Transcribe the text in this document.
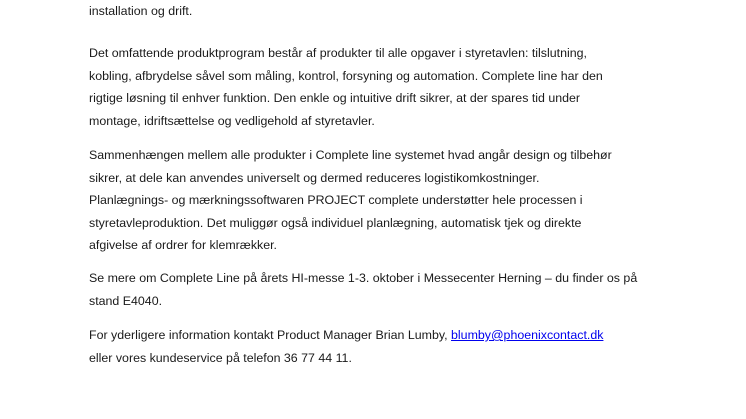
installation og drift.
Det omfattende produktprogram består af produkter til alle opgaver i styretavlen: tilslutning,
kobling, afbrydelse såvel som måling, kontrol, forsyning og automation. Complete line har den
rigtige løsning til enhver funktion. Den enkle og intuitive drift sikrer, at der spares tid under
montage, idriftsættelse og vedligehold af styretavler.
Sammenhængen mellem alle produkter i Complete line systemet hvad angår design og tilbehør
sikrer, at dele kan anvendes universelt og dermed reduceres logistikomkostninger.
Planlægnings- og mærkningssoftwaren PROJECT complete understøtter hele processen i
styretavleproduktion. Det muliggør også individuel planlægning, automatisk tjek og direkte
afgivelse af ordrer for klemrækker.
Se mere om Complete Line på årets HI-messe 1-3. oktober i Messecenter Herning – du finder os på
stand E4040.
For yderligere information kontakt Product Manager Brian Lumby, blumby@phoenixcontact.dk
eller vores kundeservice på telefon 36 77 44 11.
